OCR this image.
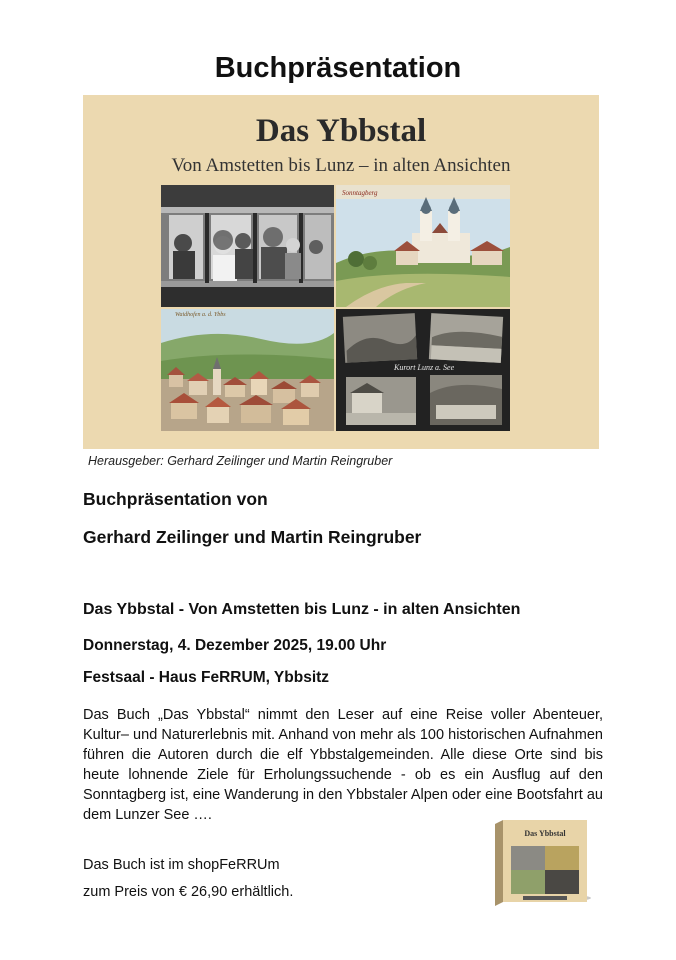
Buchpräsentation
Das Ybbstal
Von Amstetten bis Lunz – in alten Ansichten
Sonntagberg
Waidhofen a. d. Ybbs
Kurort Lunz a. See

Herausgeber: Gerhard Zeilinger und Martin Reingruber

Buchpräsentation von

Gerhard Zeilinger und Martin Reingruber

Das Ybbstal - Von Amstetten bis Lunz - in alten Ansichten

Donnerstag, 4. Dezember 2025, 19.00 Uhr

Festsaal - Haus FeRRUM, Ybbsitz

Das Buch „Das Ybbstal“ nimmt den Leser auf eine Reise voller Abenteuer, Kultur– und Naturerlebnis mit. Anhand von mehr als 100 historischen Aufnahmen führen die Autoren durch die elf Ybbstalgemeinden. Alle diese Orte sind bis heute lohnende Ziele für Erholungssuchende - ob es ein Ausflug auf den Sonntagberg ist, eine Wanderung in den Ybbstaler Alpen oder eine Bootsfahrt au dem Lunzer See ….

Das Buch ist im shopFeRRUm

zum Preis von € 26,90 erhältlich.

Das Ybbstal
